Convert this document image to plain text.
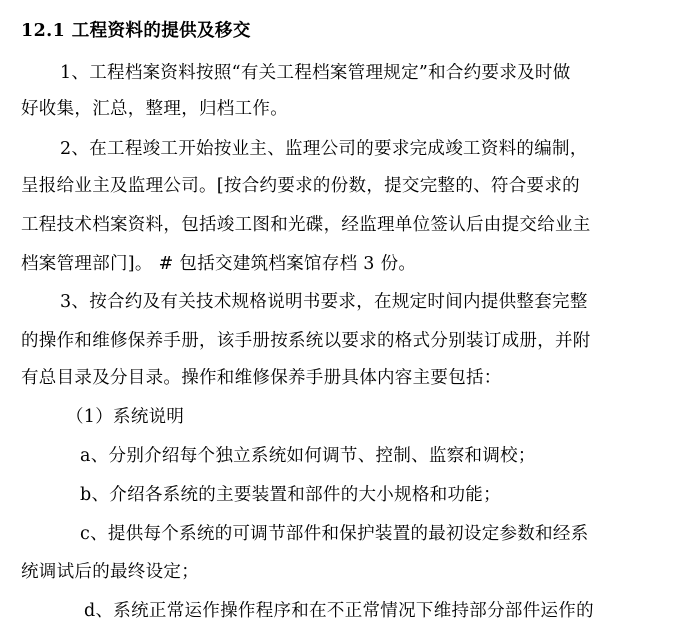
12.1 工程资料的提供及移交
1、工程档案资料按照“有关工程档案管理规定”和合约要求及时做
好收集，汇总，整理，归档工作。
2、在工程竣工开始按业主、监理公司的要求完成竣工资料的编制，
呈报给业主及监理公司。[按合约要求的份数，提交完整的、符合要求的
工程技术档案资料，包括竣工图和光碟，经监理单位签认后由提交给业主
档案管理部门]。 # 包括交建筑档案馆存档 3 份。
3、按合约及有关技术规格说明书要求，在规定时间内提供整套完整
的操作和维修保养手册，该手册按系统以要求的格式分别装订成册，并附
有总目录及分目录。操作和维修保养手册具体内容主要包括：
（1）系统说明
a、分别介绍每个独立系统如何调节、控制、监察和调校；
b、介绍各系统的主要装置和部件的大小规格和功能；
c、提供每个系统的可调节部件和保护装置的最初设定参数和经系
统调试后的最终设定；
d、系统正常运作操作程序和在不正常情况下维持部分部件运作的
